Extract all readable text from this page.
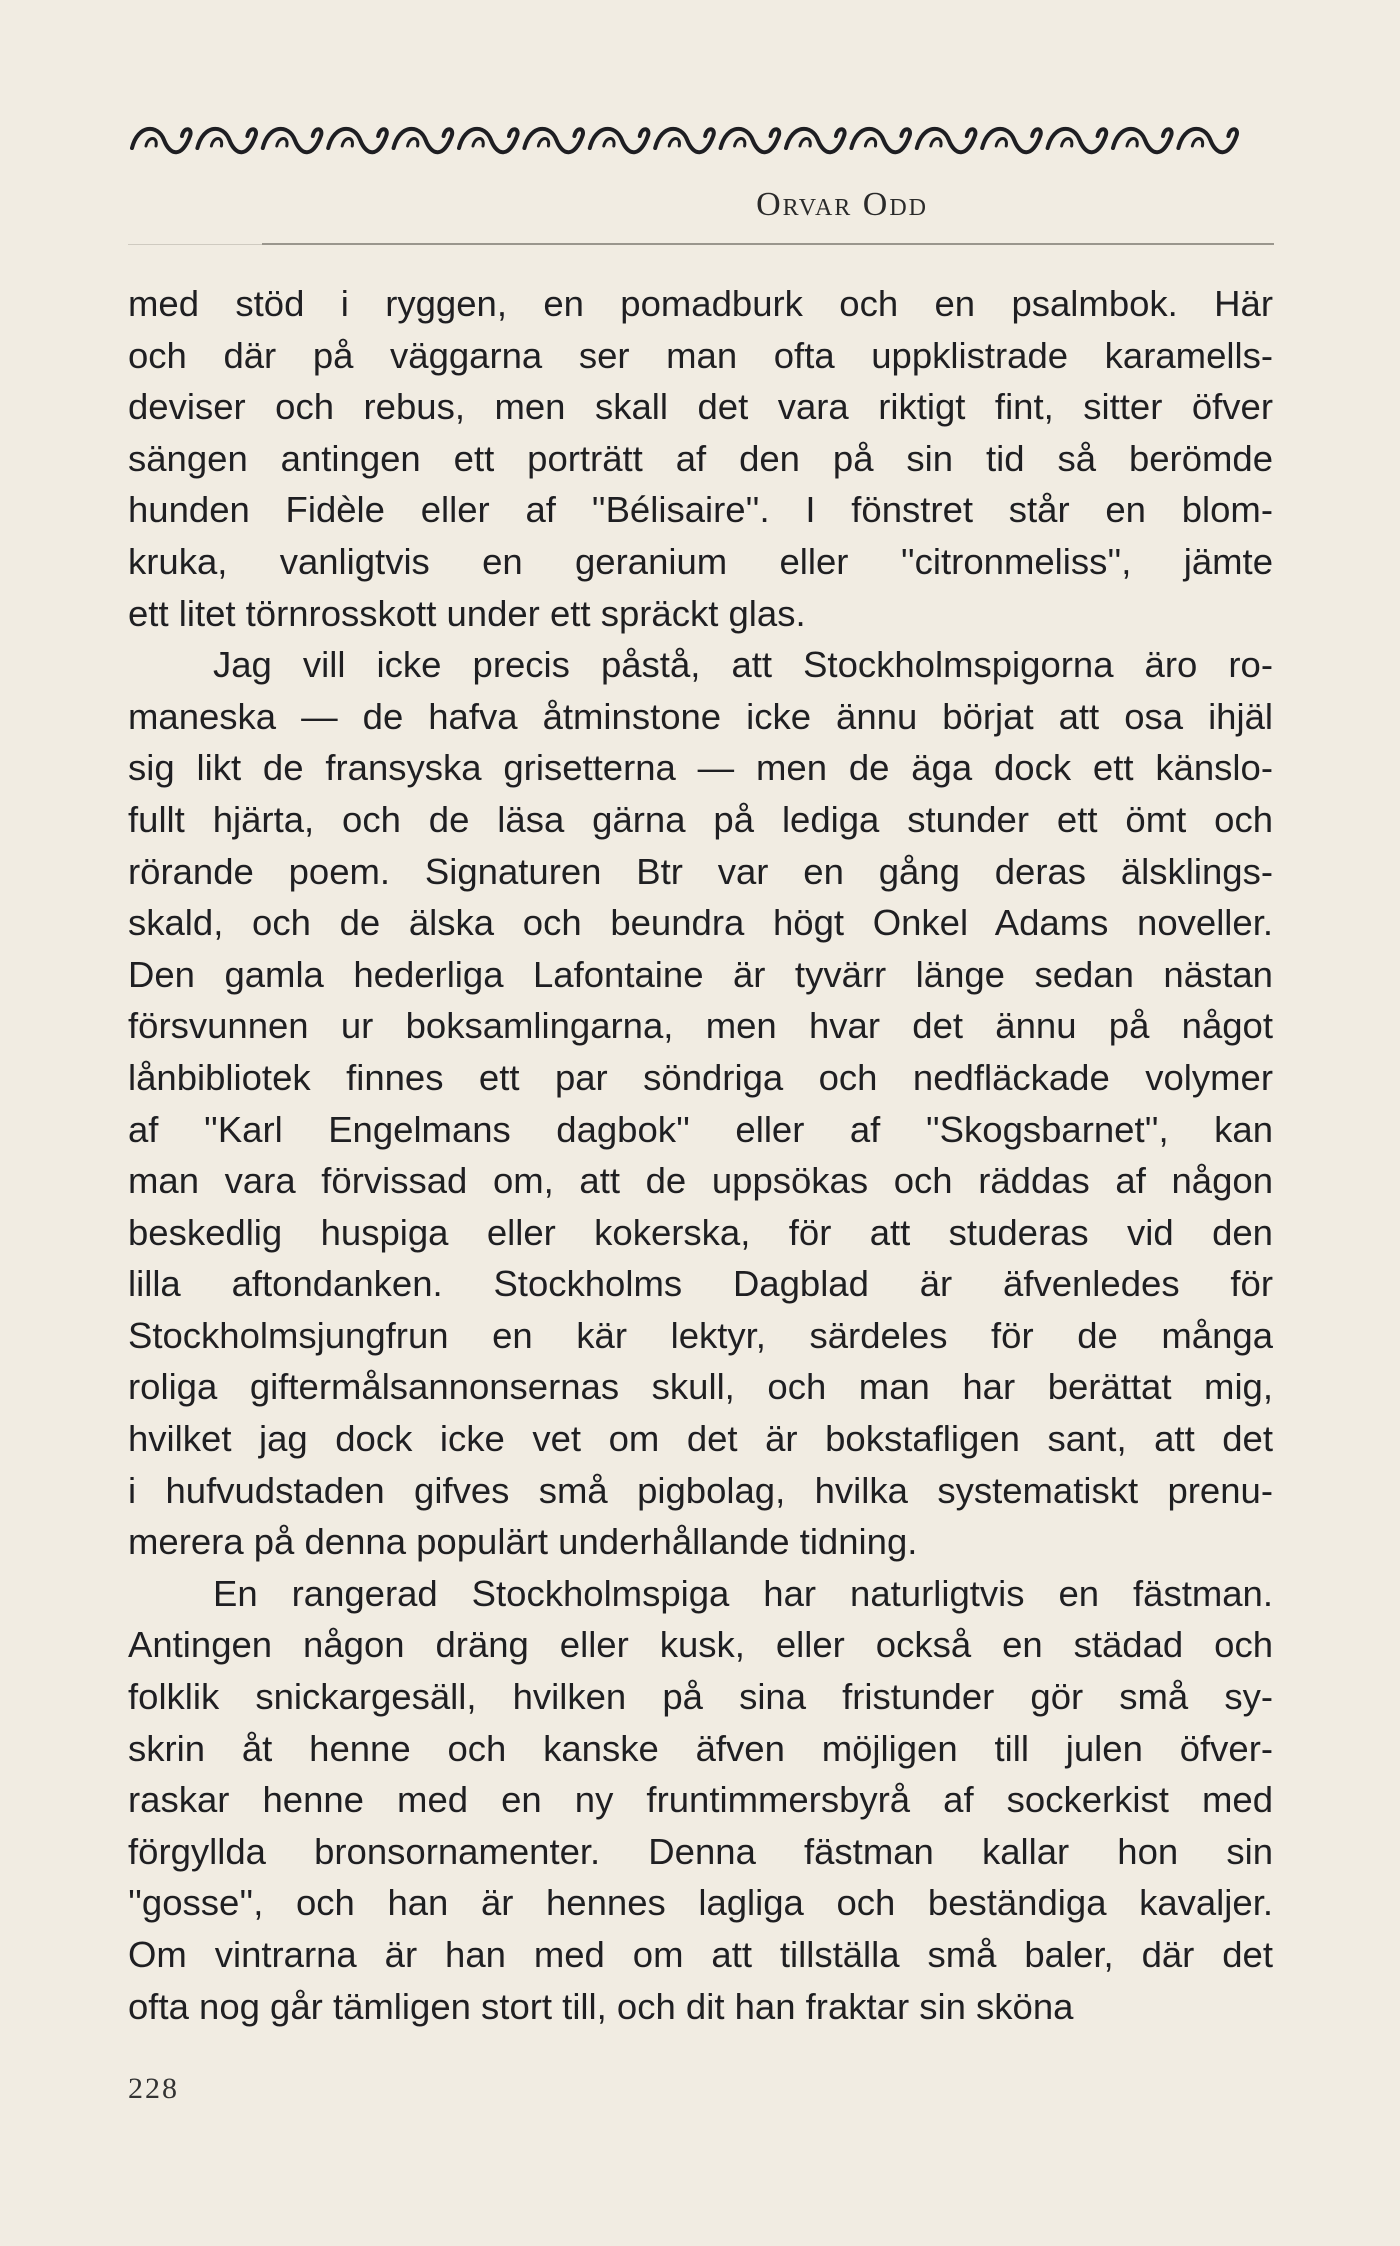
Orvar Odd
med stöd i ryggen, en pomadburk och en psalmbok. Här
och där på väggarna ser man ofta uppklistrade karamells-
deviser och rebus, men skall det vara riktigt fint, sitter öfver
sängen antingen ett porträtt af den på sin tid så berömde
hunden Fidèle eller af ''Bélisaire''. I fönstret står en blom-
kruka, vanligtvis en geranium eller ''citronmeliss'', jämte
ett litet törnrosskott under ett spräckt glas.
Jag vill icke precis påstå, att Stockholmspigorna äro ro-
maneska — de hafva åtminstone icke ännu börjat att osa ihjäl
sig likt de fransyska grisetterna — men de äga dock ett känslo-
fullt hjärta, och de läsa gärna på lediga stunder ett ömt och
rörande poem. Signaturen Btr var en gång deras älsklings-
skald, och de älska och beundra högt Onkel Adams noveller.
Den gamla hederliga Lafontaine är tyvärr länge sedan nästan
försvunnen ur boksamlingarna, men hvar det ännu på något
lånbibliotek finnes ett par söndriga och nedfläckade volymer
af ''Karl Engelmans dagbok'' eller af ''Skogsbarnet'', kan
man vara förvissad om, att de uppsökas och räddas af någon
beskedlig huspiga eller kokerska, för att studeras vid den
lilla aftondanken. Stockholms Dagblad är äfvenledes för
Stockholmsjungfrun en kär lektyr, särdeles för de många
roliga giftermålsannonsernas skull, och man har berättat mig,
hvilket jag dock icke vet om det är bokstafligen sant, att det
i hufvudstaden gifves små pigbolag, hvilka systematiskt prenu-
merera på denna populärt underhållande tidning.
En rangerad Stockholmspiga har naturligtvis en fästman.
Antingen någon dräng eller kusk, eller också en städad och
folklik snickargesäll, hvilken på sina fristunder gör små sy-
skrin åt henne och kanske äfven möjligen till julen öfver-
raskar henne med en ny fruntimmersbyrå af sockerkist med
förgyllda bronsornamenter. Denna fästman kallar hon sin
''gosse'', och han är hennes lagliga och beständiga kavaljer.
Om vintrarna är han med om att tillställa små baler, där det
ofta nog går tämligen stort till, och dit han fraktar sin sköna
228
